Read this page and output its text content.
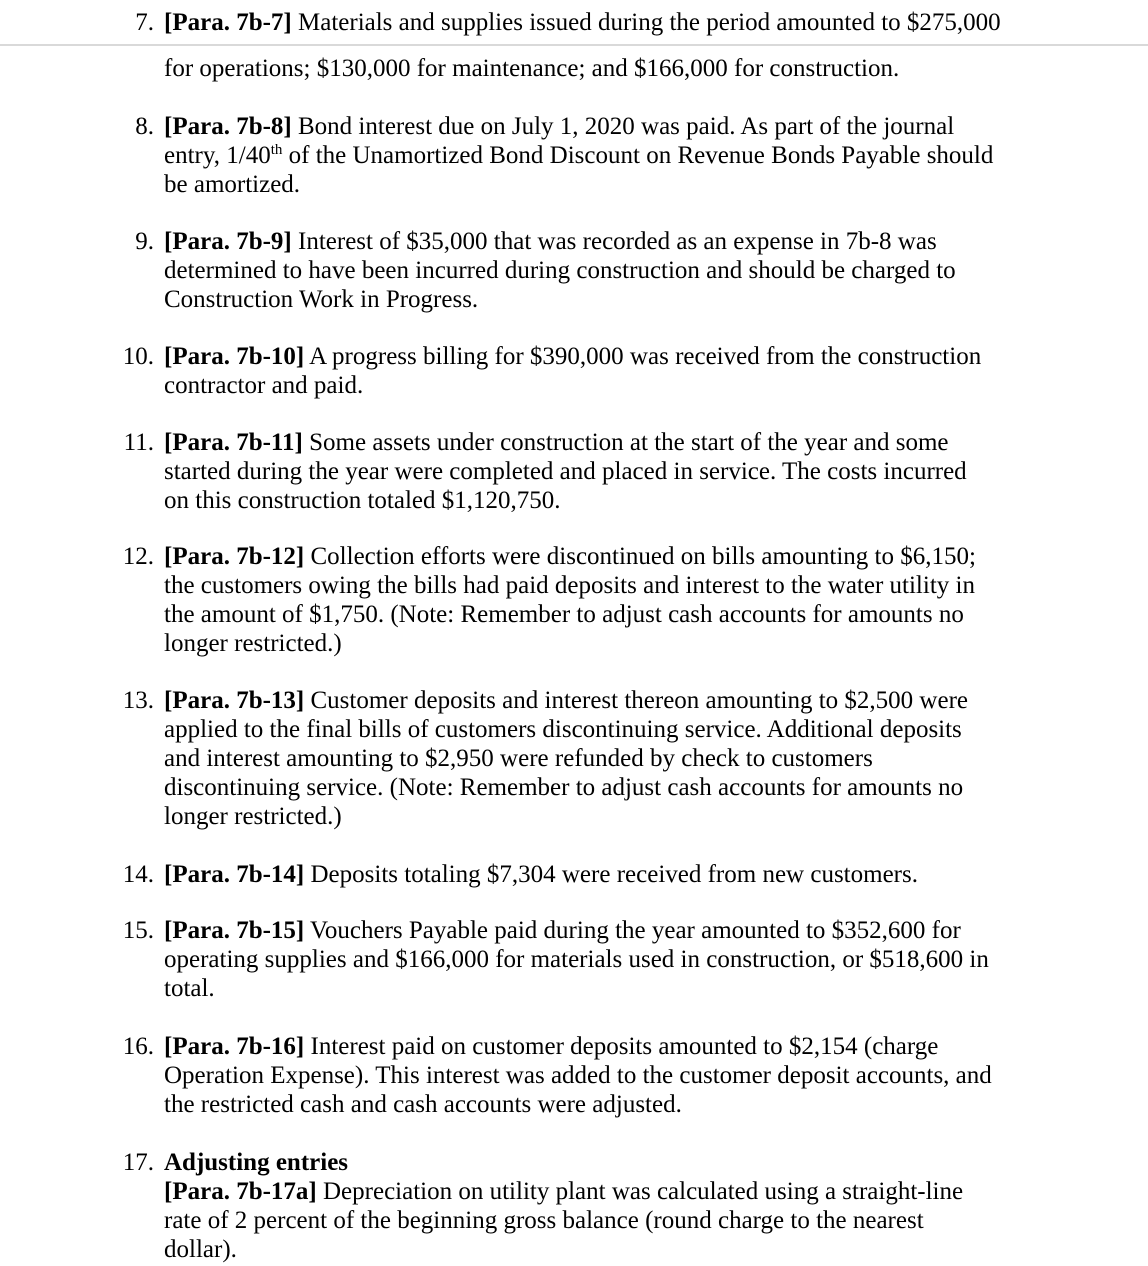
7. [Para. 7b-7] Materials and supplies issued during the period amounted to $275,000
for operations; $130,000 for maintenance; and $166,000 for construction.
8. [Para. 7b-8] Bond interest due on July 1, 2020 was paid. As part of the journal entry, 1/40th of the Unamortized Bond Discount on Revenue Bonds Payable should be amortized.
9. [Para. 7b-9] Interest of $35,000 that was recorded as an expense in 7b-8 was determined to have been incurred during construction and should be charged to Construction Work in Progress.
10. [Para. 7b-10] A progress billing for $390,000 was received from the construction contractor and paid.
11. [Para. 7b-11] Some assets under construction at the start of the year and some started during the year were completed and placed in service. The costs incurred on this construction totaled $1,120,750.
12. [Para. 7b-12] Collection efforts were discontinued on bills amounting to $6,150; the customers owing the bills had paid deposits and interest to the water utility in the amount of $1,750. (Note: Remember to adjust cash accounts for amounts no longer restricted.)
13. [Para. 7b-13] Customer deposits and interest thereon amounting to $2,500 were applied to the final bills of customers discontinuing service. Additional deposits and interest amounting to $2,950 were refunded by check to customers discontinuing service. (Note: Remember to adjust cash accounts for amounts no longer restricted.)
14. [Para. 7b-14] Deposits totaling $7,304 were received from new customers.
15. [Para. 7b-15] Vouchers Payable paid during the year amounted to $352,600 for operating supplies and $166,000 for materials used in construction, or $518,600 in total.
16. [Para. 7b-16] Interest paid on customer deposits amounted to $2,154 (charge Operation Expense). This interest was added to the customer deposit accounts, and the restricted cash and cash accounts were adjusted.
17. Adjusting entries
[Para. 7b-17a] Depreciation on utility plant was calculated using a straight-line rate of 2 percent of the beginning gross balance (round charge to the nearest dollar).
